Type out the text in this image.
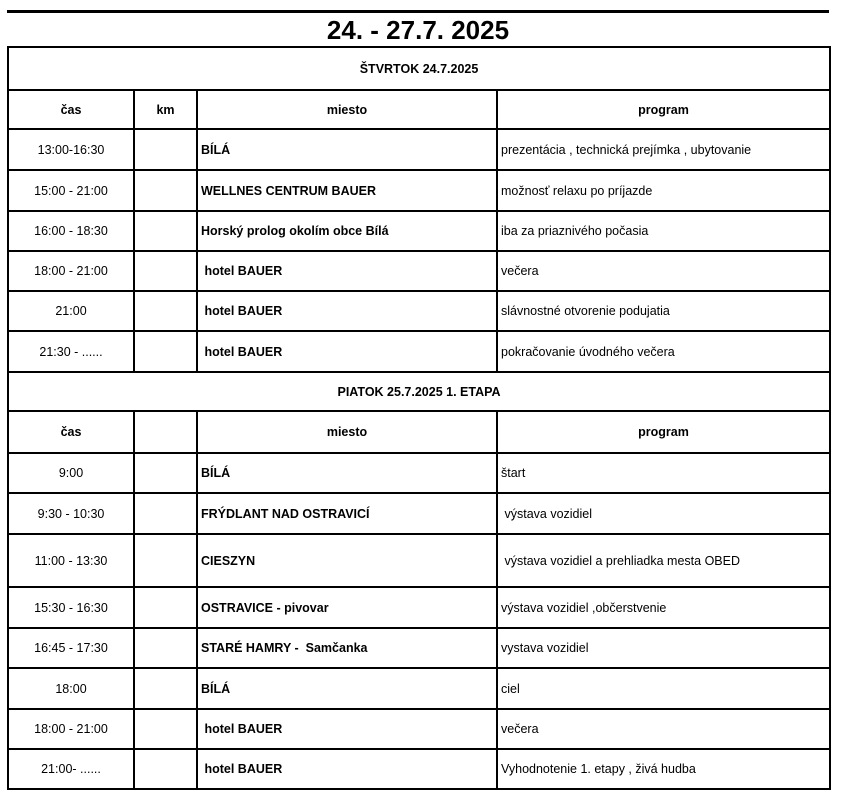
24. - 27.7. 2025
ŠTVRTOK 24.7.2025			
čas	km	miesto	program
13:00-16:30		BÍLÁ	prezentácia , technická prejímka , ubytovanie
15:00 - 21:00		WELLNES CENTRUM BAUER	možnosť relaxu po príjazde
16:00 - 18:30		Horský prolog okolím obce Bílá	iba za priaznivého počasia
18:00 - 21:00		hotel BAUER	večera
21:00		hotel BAUER	slávnostné otvorenie podujatia
21:30 - ......		hotel BAUER	pokračovanie úvodného večera
PIATOK 25.7.2025 1. ETAPA			
čas		miesto	program
9:00		BÍLÁ	štart
9:30 - 10:30		FRÝDLANT NAD OSTRAVICÍ	výstava vozidiel
11:00 - 13:30		CIESZYN	výstava vozidiel a prehliadka mesta OBED
15:30 - 16:30		OSTRAVICE - pivovar	výstava vozidiel ,občerstvenie
16:45 - 17:30		STARÉ HAMRY -  Samčanka	vystava vozidiel
18:00		BÍLÁ	ciel
18:00 - 21:00		hotel BAUER	večera
21:00- ......		hotel BAUER	Vyhodnotenie 1. etapy , živá hudba
